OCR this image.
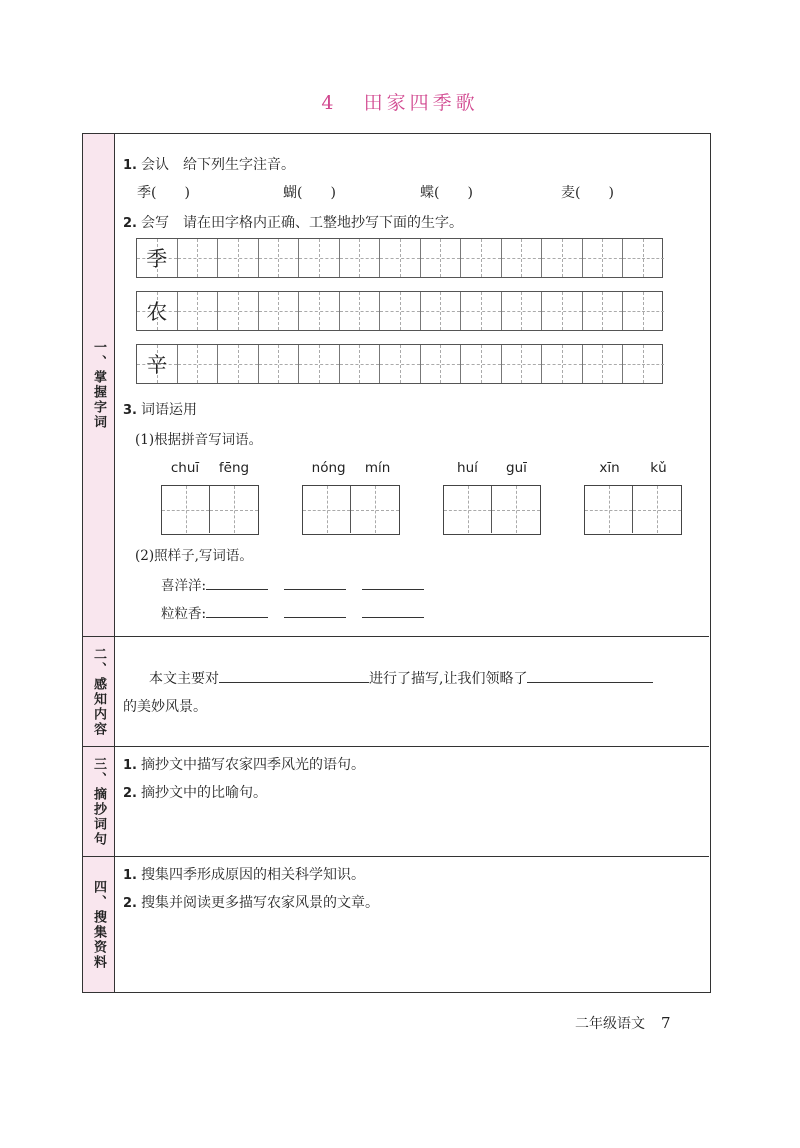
4 田家四季歌
一、掌握字词
1. 会认　给下列生字注音。
季(　　)	蝴(　　)	蝶(　　)	麦(　　)
2. 会写　请在田字格内正确、工整地抄写下面的生字。
季
农
辛
3. 词语运用
(1)根据拼音写词语。
chuī fēng	nóng mín	huí guī	xīn kǔ
(2)照样子,写词语。
喜洋洋:
粒粒香:
二、感知内容	本文主要对	进行了描写,让我们领略了
的美妙风景。
三、摘抄词句 1. 摘抄文中描写农家四季风光的语句。
2. 摘抄文中的比喻句。
四、搜集资料
1. 搜集四季形成原因的相关科学知识。
2. 搜集并阅读更多描写农家风景的文章。
二年级语文 7
